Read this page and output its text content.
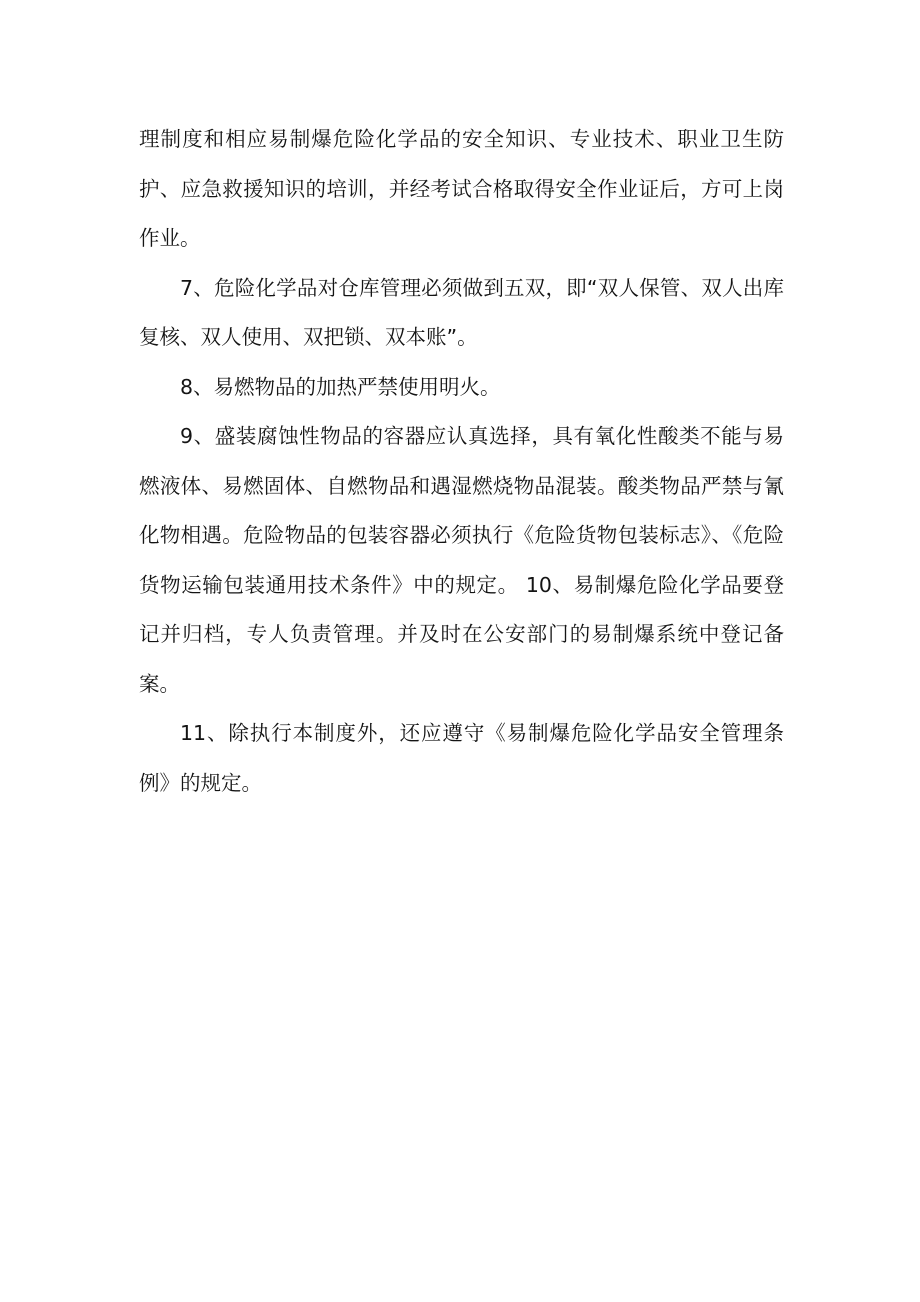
理制度和相应易制爆危险化学品的安全知识、专业技术、职业卫生防护、应急救援知识的培训，并经考试合格取得安全作业证后，方可上岗作业。

7、危险化学品对仓库管理必须做到五双，即“双人保管、双人出库复核、双人使用、双把锁、双本账”。

8、易燃物品的加热严禁使用明火。

9、盛装腐蚀性物品的容器应认真选择，具有氧化性酸类不能与易燃液体、易燃固体、自燃物品和遇湿燃烧物品混装。酸类物品严禁与氰化物相遇。危险物品的包装容器必须执行《危险货物包装标志》、《危险货物运输包装通用技术条件》中的规定。 10、易制爆危险化学品要登记并归档，专人负责管理。并及时在公安部门的易制爆系统中登记备案。

11、除执行本制度外，还应遵守《易制爆危险化学品安全管理条例》的规定。
